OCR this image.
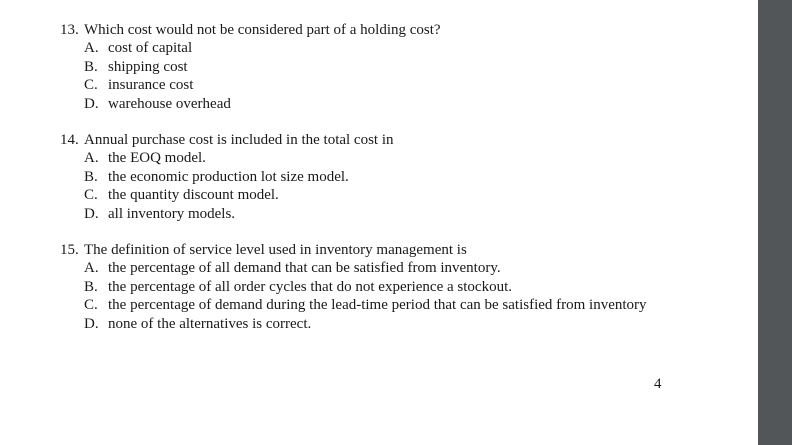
13. Which cost would not be considered part of a holding cost?
A. cost of capital
B. shipping cost
C. insurance cost
D. warehouse overhead
14. Annual purchase cost is included in the total cost in
A. the EOQ model.
B. the economic production lot size model.
C. the quantity discount model.
D. all inventory models.
15. The definition of service level used in inventory management is
A. the percentage of all demand that can be satisfied from inventory.
B. the percentage of all order cycles that do not experience a stockout.
C. the percentage of demand during the lead-time period that can be satisfied from inventory
D. none of the alternatives is correct.
4
